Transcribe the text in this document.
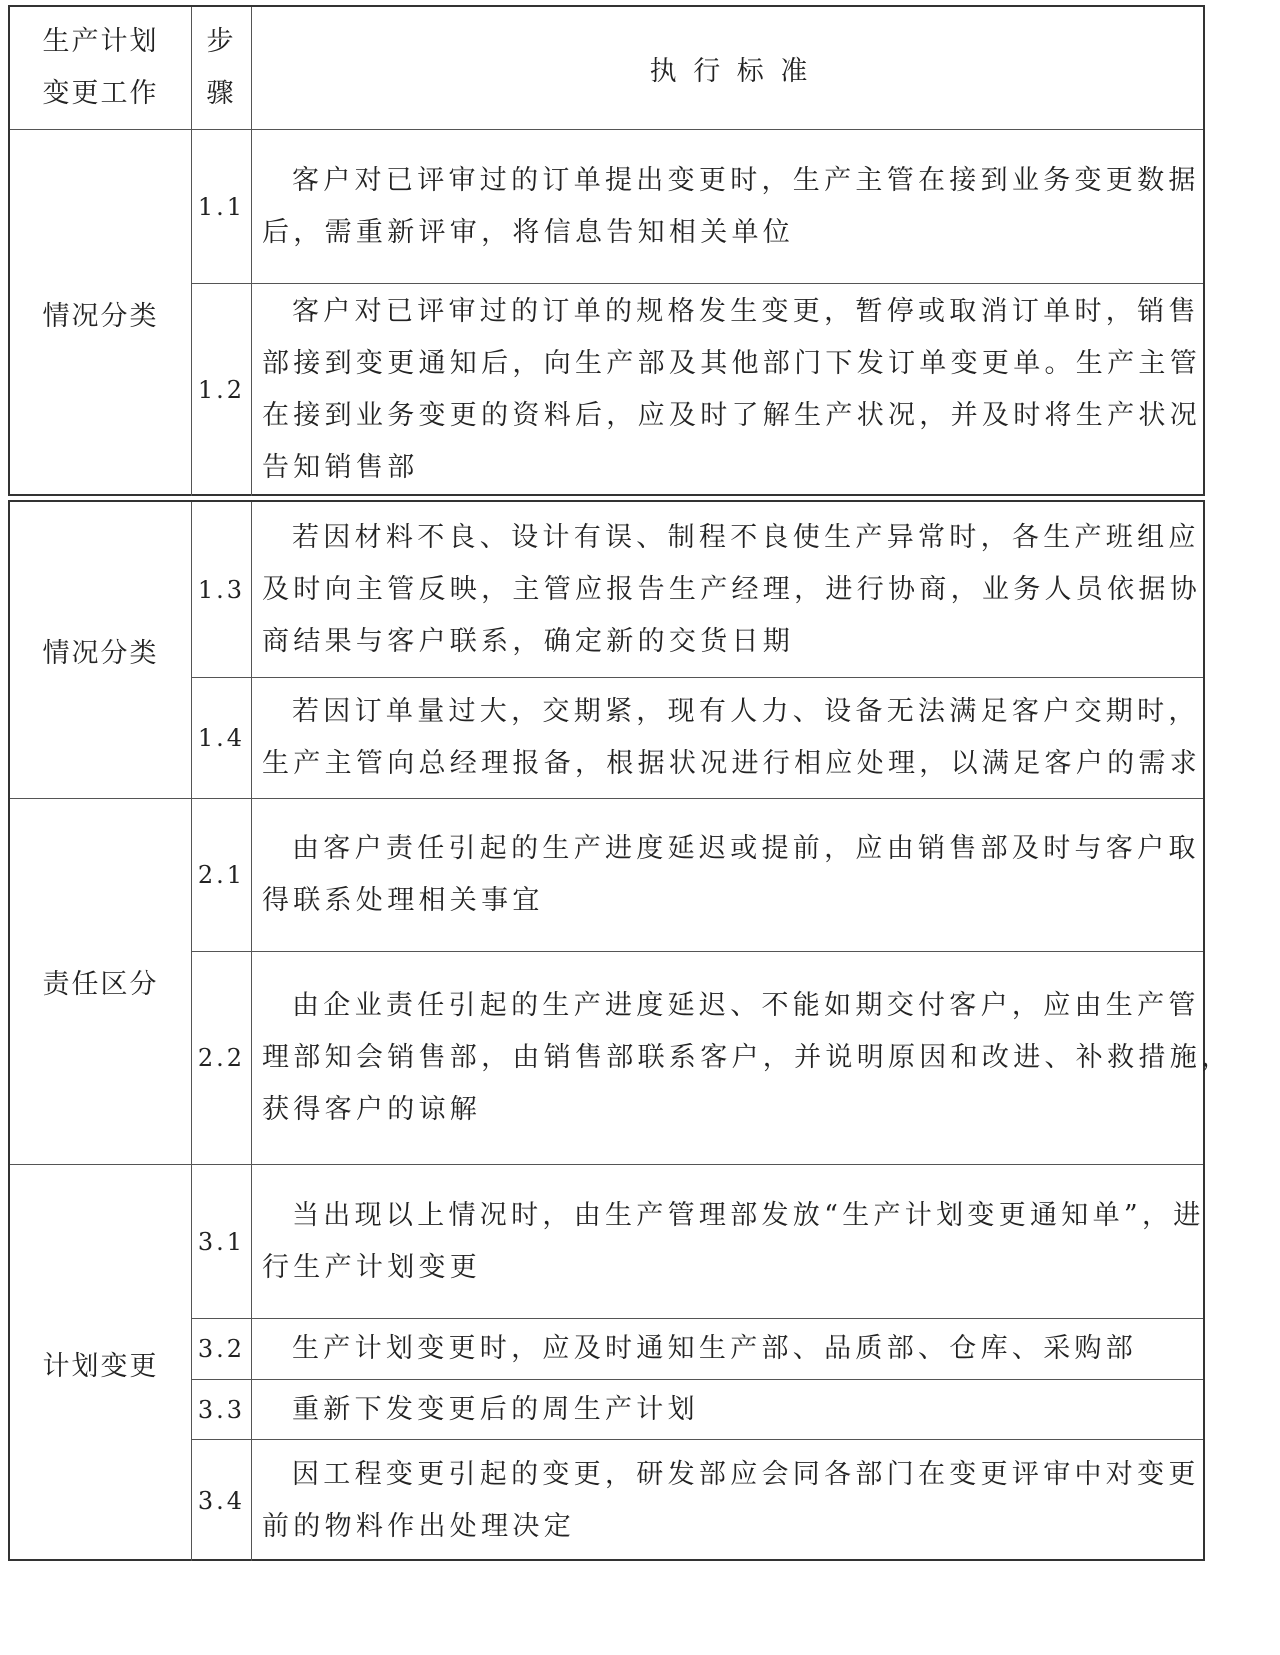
生产计划
变更工作
步
骤
执 行 标 准
情况分类
1.1
客户对已评审过的订单提出变更时，生产主管在接到业务变更数据
后，需重新评审，将信息告知相关单位
1.2
客户对已评审过的订单的规格发生变更，暂停或取消订单时，销售
部接到变更通知后，向生产部及其他部门下发订单变更单。生产主管
在接到业务变更的资料后，应及时了解生产状况，并及时将生产状况
告知销售部
情况分类
1.3
若因材料不良、设计有误、制程不良使生产异常时，各生产班组应
及时向主管反映，主管应报告生产经理，进行协商，业务人员依据协
商结果与客户联系，确定新的交货日期
1.4
若因订单量过大，交期紧，现有人力、设备无法满足客户交期时，
生产主管向总经理报备，根据状况进行相应处理，以满足客户的需求
责任区分
2.1
由客户责任引起的生产进度延迟或提前，应由销售部及时与客户取
得联系处理相关事宜
2.2
由企业责任引起的生产进度延迟、不能如期交付客户，应由生产管
理部知会销售部，由销售部联系客户，并说明原因和改进、补救措施，
获得客户的谅解
计划变更
3.1
当出现以上情况时，由生产管理部发放“生产计划变更通知单”，进
行生产计划变更
3.2	生产计划变更时，应及时通知生产部、品质部、仓库、采购部
3.3	重新下发变更后的周生产计划
3.4
因工程变更引起的变更，研发部应会同各部门在变更评审中对变更
前的物料作出处理决定
